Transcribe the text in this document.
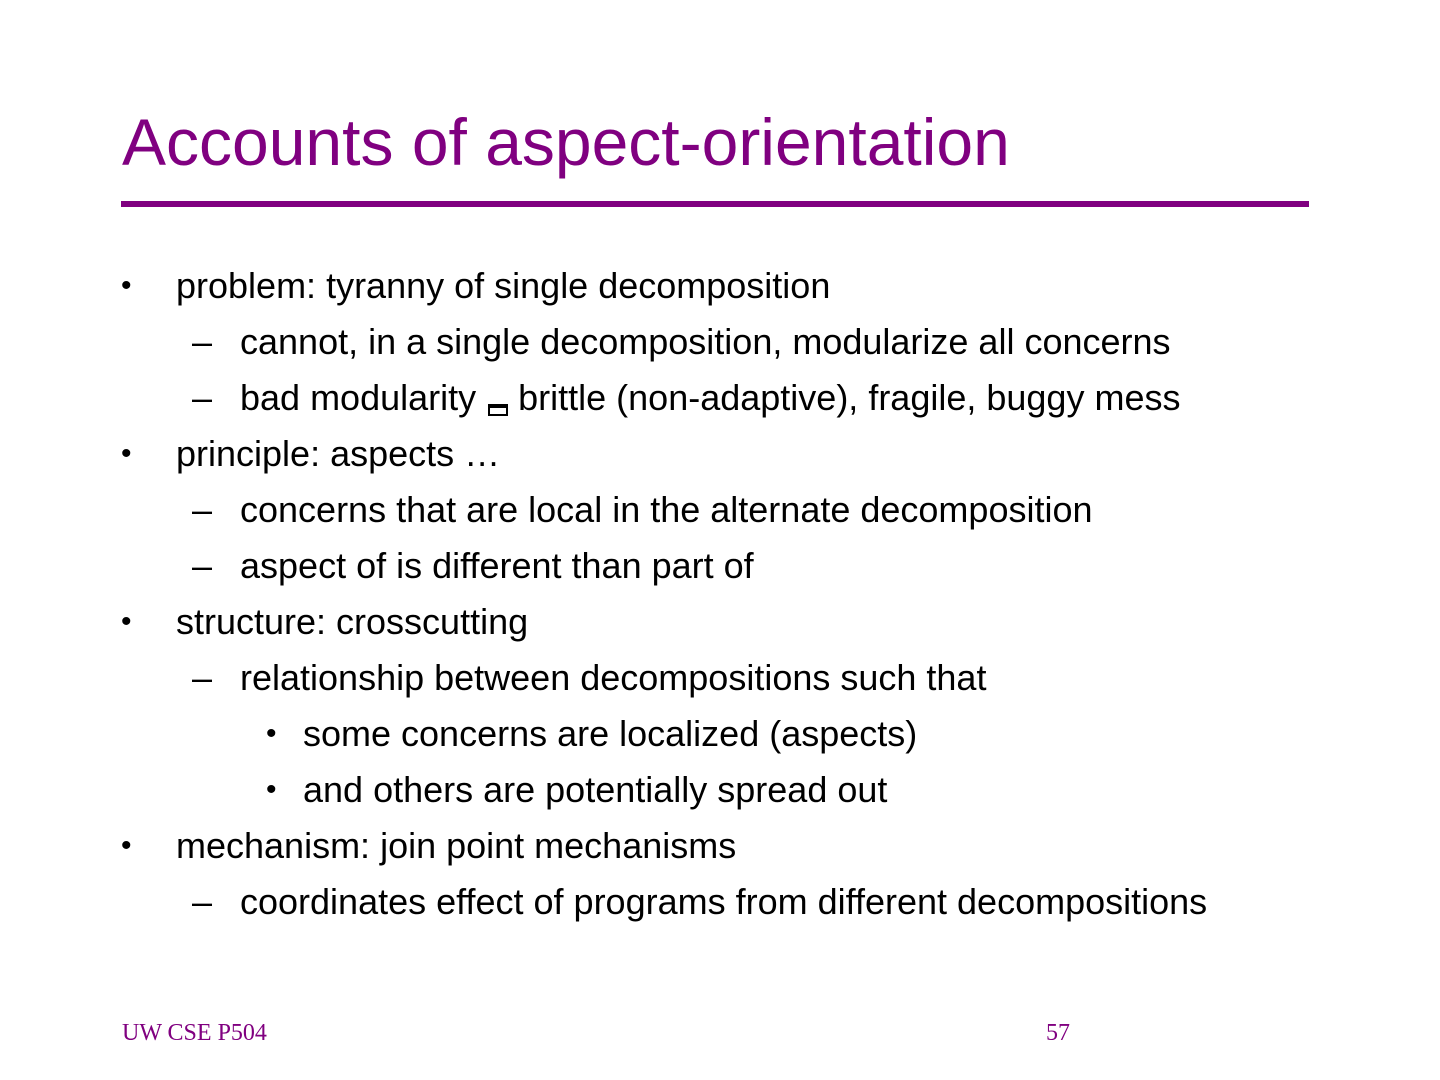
Accounts of aspect-orientation
• problem: tyranny of single decomposition
– cannot, in a single decomposition, modularize all concerns
– bad modularity brittle (non-adaptive), fragile, buggy mess
• principle: aspects …
– concerns that are local in the alternate decomposition
– aspect of is different than part of
• structure: crosscutting
– relationship between decompositions such that
• some concerns are localized (aspects)
• and others are potentially spread out
• mechanism: join point mechanisms
– coordinates effect of programs from different decompositions
UW CSE P504	57
